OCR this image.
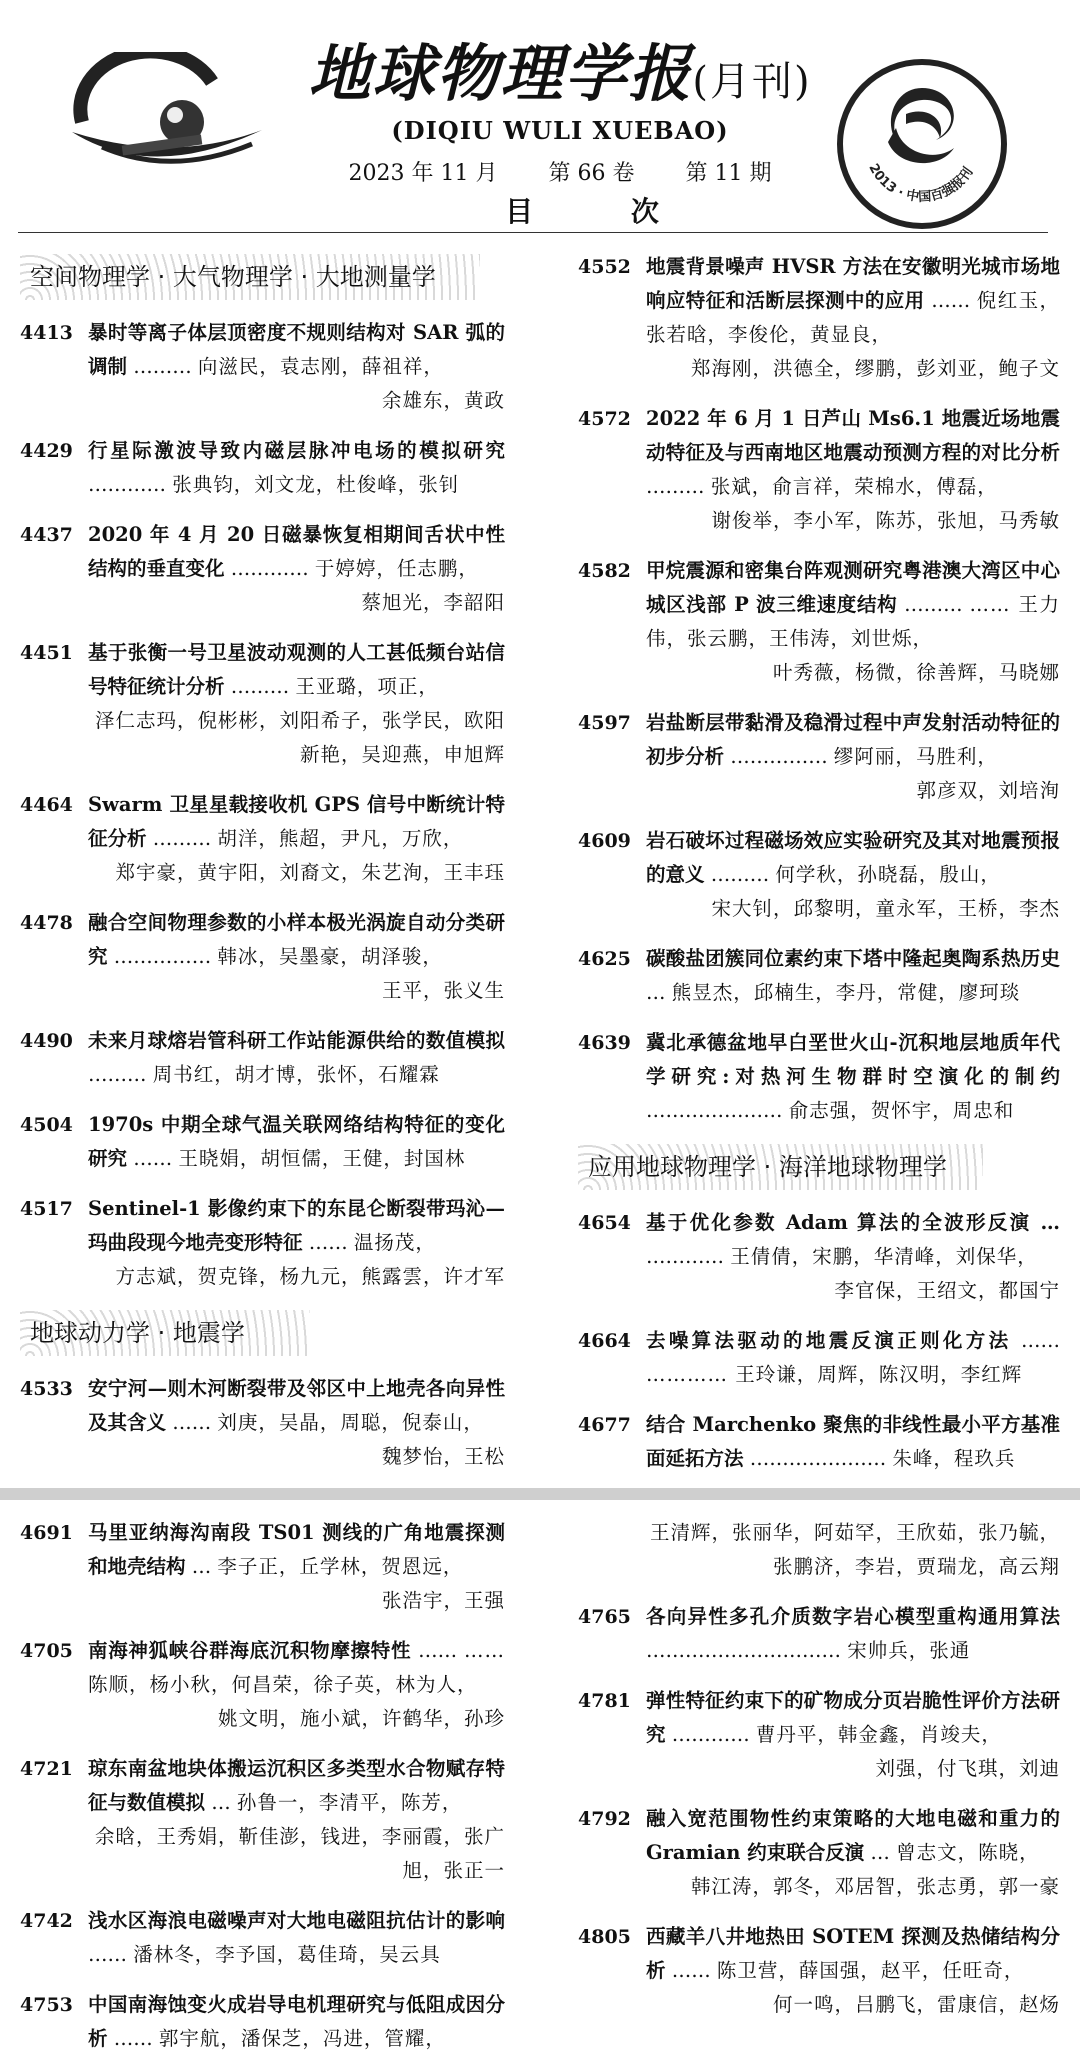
地球物理学报(月刊)
(DIQIU WULI XUEBAO)
2023 年 11 月 第 66 卷 第 11 期
目 次
2013 · 中国百强报刊
空间物理学 · 大气物理学 · 大地测量学
4413 暴时等离子体层顶密度不规则结构对 SAR 弧的调制 ……… 向滋民，袁志刚，薛祖祥，
余雄东，黄政
4429 行星际激波导致内磁层脉冲电场的模拟研究 ………… 张典钧，刘文龙，杜俊峰，张钊
4437 2020 年 4 月 20 日磁暴恢复相期间舌状中性结构的垂直变化 ………… 于婷婷，任志鹏，
蔡旭光，李韶阳
4451 基于张衡一号卫星波动观测的人工甚低频台站信号特征统计分析 ……… 王亚璐，项正，
泽仁志玛，倪彬彬，刘阳希子，张学民，欧阳新艳，吴迎燕，申旭辉
4464 Swarm 卫星星载接收机 GPS 信号中断统计特征分析 ……… 胡洋，熊超，尹凡，万欣，
郑宇豪，黄宇阳，刘裔文，朱艺洵，王丰珏
4478 融合空间物理参数的小样本极光涡旋自动分类研究 …………… 韩冰，吴墨豪，胡泽骏，
王平，张义生
4490 未来月球熔岩管科研工作站能源供给的数值模拟 ……… 周书红，胡才博，张怀，石耀霖
4504 1970s 中期全球气温关联网络结构特征的变化研究 …… 王晓娟，胡恒儒，王健，封国林
4517 Sentinel-1 影像约束下的东昆仑断裂带玛沁—玛曲段现今地壳变形特征 …… 温扬茂，
方志斌，贺克锋，杨九元，熊露雲，许才军
地球动力学 · 地震学
4533 安宁河—则木河断裂带及邻区中上地壳各向异性及其含义 …… 刘庚，吴晶，周聪，倪泰山，
魏梦怡，王松
4552 地震背景噪声 HVSR 方法在安徽明光城市场地响应特征和活断层探测中的应用 …… 倪红玉，张若晗，李俊伦，黄显良，
郑海刚，洪德全，缪鹏，彭刘亚，鲍子文
4572 2022 年 6 月 1 日芦山 Ms6.1 地震近场地震动特征及与西南地区地震动预测方程的对比分析 ……… 张斌，俞言祥，荣棉水，傅磊，
谢俊举，李小军，陈苏，张旭，马秀敏
4582 甲烷震源和密集台阵观测研究粤港澳大湾区中心城区浅部 P 波三维速度结构 ……… …… 王力伟，张云鹏，王伟涛，刘世烁，
叶秀薇，杨微，徐善辉，马晓娜
4597 岩盐断层带黏滑及稳滑过程中声发射活动特征的初步分析 …………… 缪阿丽，马胜利，
郭彦双，刘培洵
4609 岩石破坏过程磁场效应实验研究及其对地震预报的意义 ……… 何学秋，孙晓磊，殷山，
宋大钊，邱黎明，童永军，王桥，李杰
4625 碳酸盐团簇同位素约束下塔中隆起奥陶系热历史 … 熊昱杰，邱楠生，李丹，常健，廖珂琰
4639 冀北承德盆地早白垩世火山-沉积地层地质年代学研究:对热河生物群时空演化的制约 ………………… 俞志强，贺怀宇，周忠和
应用地球物理学 · 海洋地球物理学
4654 基于优化参数 Adam 算法的全波形反演 … ………… 王倩倩，宋鹏，华清峰，刘保华，
李官保，王绍文，都国宁
4664 去噪算法驱动的地震反演正则化方法 …… ………… 王玲谦，周辉，陈汉明，李红辉
4677 结合 Marchenko 聚焦的非线性最小平方基准面延拓方法 ………………… 朱峰，程玖兵
4691 马里亚纳海沟南段 TS01 测线的广角地震探测和地壳结构 … 李子正，丘学林，贺恩远，
张浩宇，王强
4705 南海神狐峡谷群海底沉积物摩擦特性 …… …… 陈顺，杨小秋，何昌荣，徐子英，林为人，
姚文明，施小斌，许鹤华，孙珍
4721 琼东南盆地块体搬运沉积区多类型水合物赋存特征与数值模拟 … 孙鲁一，李清平，陈芳，
余晗，王秀娟，靳佳澎，钱进，李丽霞，张广旭，张正一
4742 浅水区海浪电磁噪声对大地电磁阻抗估计的影响 …… 潘林冬，李予国，葛佳琦，吴云具
4753 中国南海蚀变火成岩导电机理研究与低阻成因分析 …… 郭宇航，潘保芝，冯进，管耀，
王清辉，张丽华，阿茹罕，王欣茹，张乃毓，张鹏济，李岩，贾瑞龙，高云翔
4765 各向异性多孔介质数字岩心模型重构通用算法 ………………………… 宋帅兵，张通
4781 弹性特征约束下的矿物成分页岩脆性评价方法研究 ………… 曹丹平，韩金鑫，肖竣夫，
刘强，付飞琪，刘迪
4792 融入宽范围物性约束策略的大地电磁和重力的 Gramian 约束联合反演 … 曾志文，陈晓，
韩江涛，郭冬，邓居智，张志勇，郭一豪
4805 西藏羊八井地热田 SOTEM 探测及热储结构分析 …… 陈卫营，薛国强，赵平，任旺奇，
何一鸣，吕鹏飞，雷康信，赵炀
